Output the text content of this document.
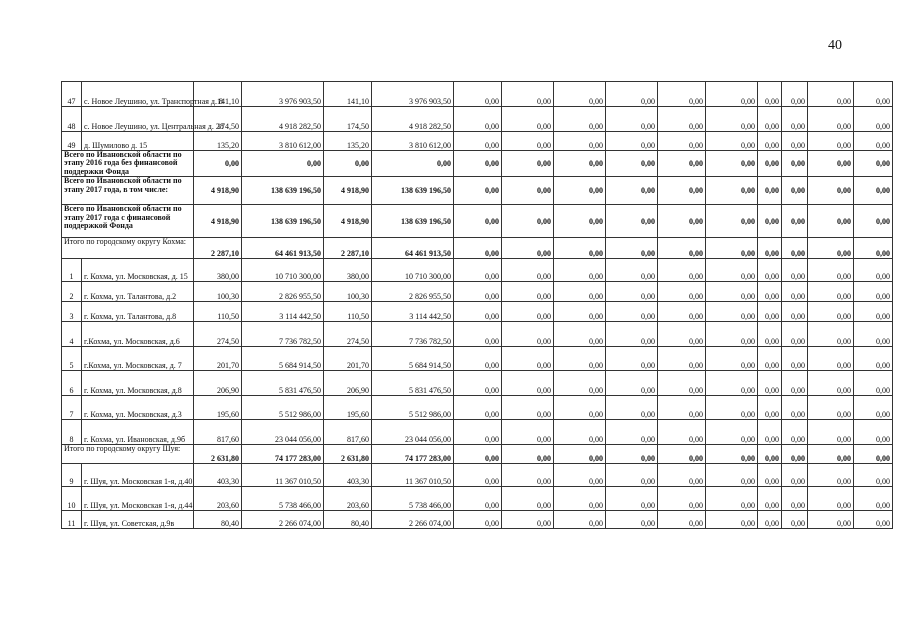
40
47	с. Новое Леушино, ул. Транспортная д. 8	141,10	3 976 903,50	141,10	3 976 903,50	0,00	0,00	0,00	0,00	0,00	0,00	0,00	0,00	0,00	0,00
48	с. Новое Леушино, ул. Центральная д. 28	174,50	4 918 282,50	174,50	4 918 282,50	0,00	0,00	0,00	0,00	0,00	0,00	0,00	0,00	0,00	0,00
49	д. Шумилово д. 15	135,20	3 810 612,00	135,20	3 810 612,00	0,00	0,00	0,00	0,00	0,00	0,00	0,00	0,00	0,00	0,00
Всего по Ивановской области по этапу 2016 года без финансовой поддержки Фонда		0,00	0,00	0,00	0,00	0,00	0,00	0,00	0,00	0,00	0,00	0,00	0,00	0,00	0,00
Всего по Ивановской области по этапу 2017 года, в том числе:		4 918,90	138 639 196,50	4 918,90	138 639 196,50	0,00	0,00	0,00	0,00	0,00	0,00	0,00	0,00	0,00	0,00
Всего по Ивановской области по этапу 2017 года с финансовой поддержкой Фонда		4 918,90	138 639 196,50	4 918,90	138 639 196,50	0,00	0,00	0,00	0,00	0,00	0,00	0,00	0,00	0,00	0,00
Итого по городскому округу Кохма:		2 287,10	64 461 913,50	2 287,10	64 461 913,50	0,00	0,00	0,00	0,00	0,00	0,00	0,00	0,00	0,00	0,00
1	г. Кохма, ул. Московская, д. 15	380,00	10 710 300,00	380,00	10 710 300,00	0,00	0,00	0,00	0,00	0,00	0,00	0,00	0,00	0,00	0,00
2	г. Кохма, ул. Талантова, д.2	100,30	2 826 955,50	100,30	2 826 955,50	0,00	0,00	0,00	0,00	0,00	0,00	0,00	0,00	0,00	0,00
3	г. Кохма, ул. Талантова, д.8	110,50	3 114 442,50	110,50	3 114 442,50	0,00	0,00	0,00	0,00	0,00	0,00	0,00	0,00	0,00	0,00
4	г.Кохма, ул. Московская, д.6	274,50	7 736 782,50	274,50	7 736 782,50	0,00	0,00	0,00	0,00	0,00	0,00	0,00	0,00	0,00	0,00
5	г.Кохма, ул. Московская, д. 7	201,70	5 684 914,50	201,70	5 684 914,50	0,00	0,00	0,00	0,00	0,00	0,00	0,00	0,00	0,00	0,00
6	г. Кохма, ул. Московская, д.8	206,90	5 831 476,50	206,90	5 831 476,50	0,00	0,00	0,00	0,00	0,00	0,00	0,00	0,00	0,00	0,00
7	г. Кохма, ул. Московская, д.3	195,60	5 512 986,00	195,60	5 512 986,00	0,00	0,00	0,00	0,00	0,00	0,00	0,00	0,00	0,00	0,00
8	г. Кохма, ул. Ивановская, д.9б	817,60	23 044 056,00	817,60	23 044 056,00	0,00	0,00	0,00	0,00	0,00	0,00	0,00	0,00	0,00	0,00
Итого по городскому округу Шуя:		2 631,80	74 177 283,00	2 631,80	74 177 283,00	0,00	0,00	0,00	0,00	0,00	0,00	0,00	0,00	0,00	0,00
9	г. Шуя, ул. Московская 1-я, д.40	403,30	11 367 010,50	403,30	11 367 010,50	0,00	0,00	0,00	0,00	0,00	0,00	0,00	0,00	0,00	0,00
10	г. Шуя, ул. Московская 1-я, д.44	203,60	5 738 466,00	203,60	5 738 466,00	0,00	0,00	0,00	0,00	0,00	0,00	0,00	0,00	0,00	0,00
11	г. Шуя, ул. Советская, д.9в	80,40	2 266 074,00	80,40	2 266 074,00	0,00	0,00	0,00	0,00	0,00	0,00	0,00	0,00	0,00	0,00
